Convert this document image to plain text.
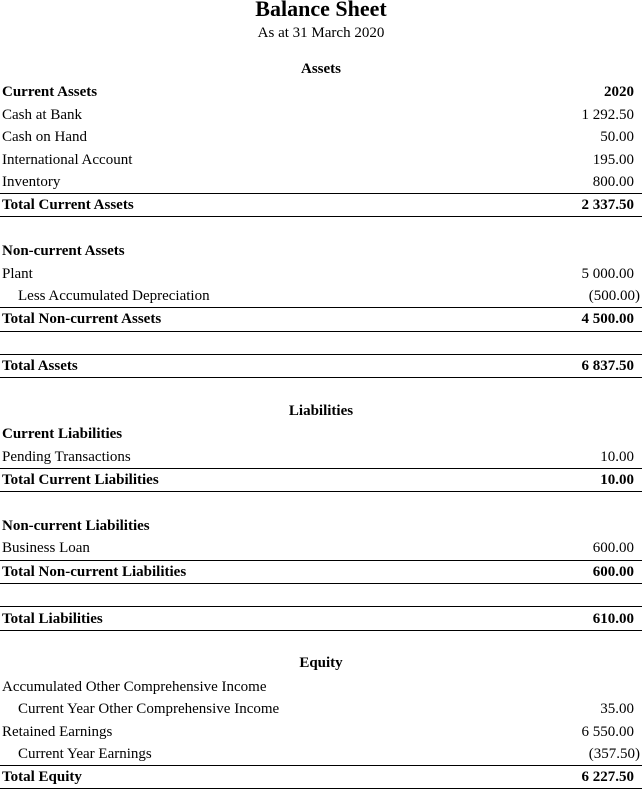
Balance Sheet
As at 31 March 2020
Assets
Current Assets	2020
Cash at Bank	1 292.50
Cash on Hand	50.00
International Account	195.00
Inventory	800.00
Total Current Assets	2 337.50
Non-current Assets
Plant	5 000.00
Less Accumulated Depreciation	(500.00)
Total Non-current Assets	4 500.00
Total Assets	6 837.50
Liabilities
Current Liabilities
Pending Transactions	10.00
Total Current Liabilities	10.00
Non-current Liabilities
Business Loan	600.00
Total Non-current Liabilities	600.00
Total Liabilities	610.00
Equity
Accumulated Other Comprehensive Income
Current Year Other Comprehensive Income	35.00
Retained Earnings	6 550.00
Current Year Earnings	(357.50)
Total Equity	6 227.50
